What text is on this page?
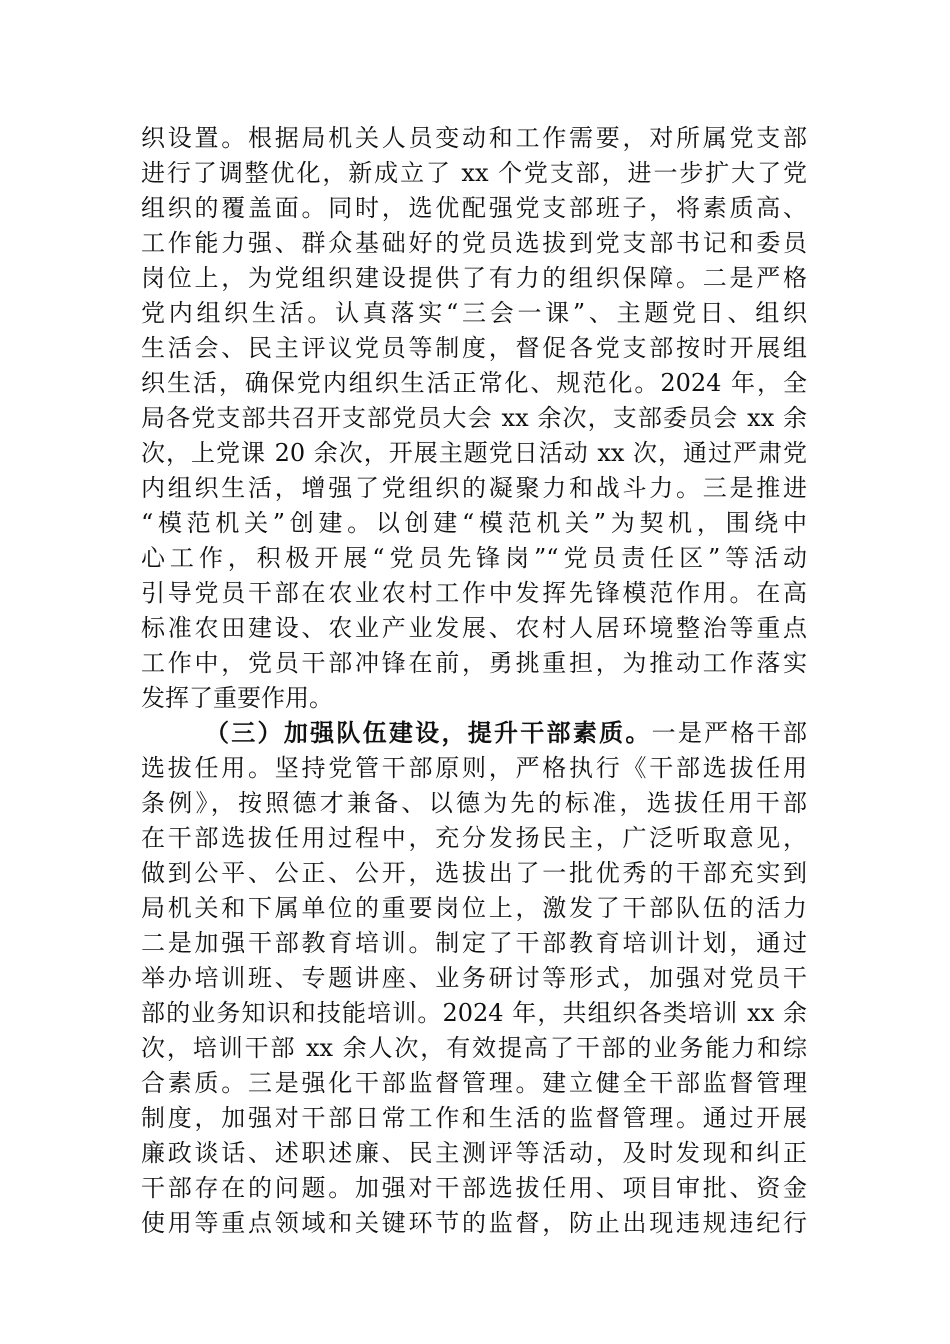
织设置。根据局机关人员变动和工作需要，对所属党支部
进行了调整优化，新成立了 xx 个党支部，进一步扩大了党
组织的覆盖面。同时，选优配强党支部班子，将素质高、
工作能力强、群众基础好的党员选拔到党支部书记和委员
岗位上，为党组织建设提供了有力的组织保障。二是严格
党内组织生活。认真落实“三会一课”、主题党日、组织
生活会、民主评议党员等制度，督促各党支部按时开展组
织生活，确保党内组织生活正常化、规范化。2024 年，全
局各党支部共召开支部党员大会 xx 余次，支部委员会 xx 余
次，上党课 20 余次，开展主题党日活动 xx 次，通过严肃党
内组织生活，增强了党组织的凝聚力和战斗力。三是推进
“模范机关”创建。以创建“模范机关”为契机，围绕中
心工作，积极开展“党员先锋岗”“党员责任区”等活动
引导党员干部在农业农村工作中发挥先锋模范作用。在高
标准农田建设、农业产业发展、农村人居环境整治等重点
工作中，党员干部冲锋在前，勇挑重担，为推动工作落实
发挥了重要作用。
（三）加强队伍建设，提升干部素质。一是严格干部
选拔任用。坚持党管干部原则，严格执行《干部选拔任用
条例》，按照德才兼备、以德为先的标准，选拔任用干部
在干部选拔任用过程中，充分发扬民主，广泛听取意见，
做到公平、公正、公开，选拔出了一批优秀的干部充实到
局机关和下属单位的重要岗位上，激发了干部队伍的活力
二是加强干部教育培训。制定了干部教育培训计划，通过
举办培训班、专题讲座、业务研讨等形式，加强对党员干
部的业务知识和技能培训。2024 年，共组织各类培训 xx 余
次，培训干部 xx 余人次，有效提高了干部的业务能力和综
合素质。三是强化干部监督管理。建立健全干部监督管理
制度，加强对干部日常工作和生活的监督管理。通过开展
廉政谈话、述职述廉、民主测评等活动，及时发现和纠正
干部存在的问题。加强对干部选拔任用、项目审批、资金
使用等重点领域和关键环节的监督，防止出现违规违纪行
